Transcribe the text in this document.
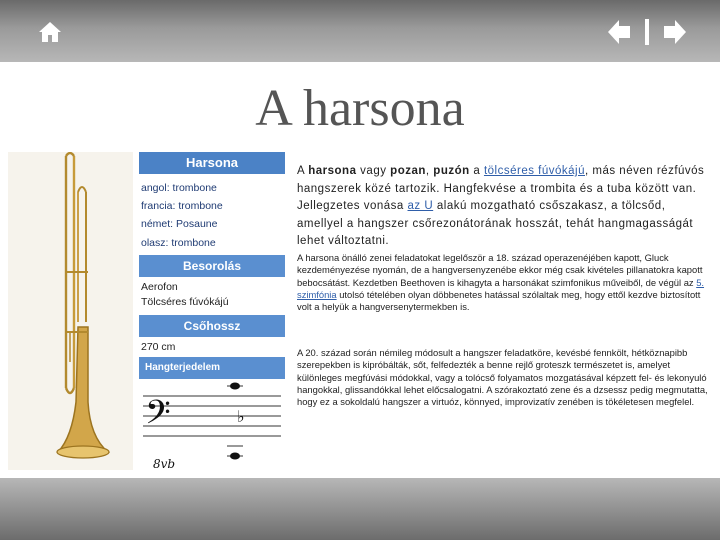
A harsona
Harsona
angol: trombone
francia: trombone
német: Posaune
olasz: trombone
Besorolás
Aerofon
Tölcséres fúvókájú
Csőhossz
270 cm
Hangterjedelem
𝄢	♭
8vb
A harsona vagy pozan, puzón a tölcséres fúvókájú, más néven rézfúvós hangszerek közé tartozik. Hangfekvése a trombita és a tuba között van. Jellegzetes vonása az U alakú mozgatható csőszakasz, a tölcsőd, amellyel a hangszer csőrezonátorának hosszát, tehát hangmagasságát lehet változtatni.
A harsona önálló zenei feladatokat legelőször a 18. század operazenéjében kapott, Gluck kezdeményezése nyomán, de a hangversenyzenébe ekkor még csak kivételes pillanatokra kapott bebocsátást. Kezdetben Beethoven is kihagyta a harsonákat szimfonikus műveiből, de végül az 5. szimfónia utolsó tételében olyan döbbenetes hatással szólaltak meg, hogy ettől kezdve biztosított volt a helyük a hangversenytermekben is.
A 20. század során némileg módosult a hangszer feladatköre, kevésbé fennkölt, hétköznapibb szerepekben is kipróbálták, sőt, felfedezték a benne rejlő groteszk természetet is, amelyet különleges megfúvási módokkal, vagy a tolócső folyamatos mozgatásával képzett fel- és lekonyuló hangokkal, glissandókkal lehet előcsalogatni. A szórakoztató zene és a dzsessz pedig megmutatta, hogy ez a sokoldalú hangszer a virtuóz, könnyed, improvizatív zenében is tökéletesen megfelel.
